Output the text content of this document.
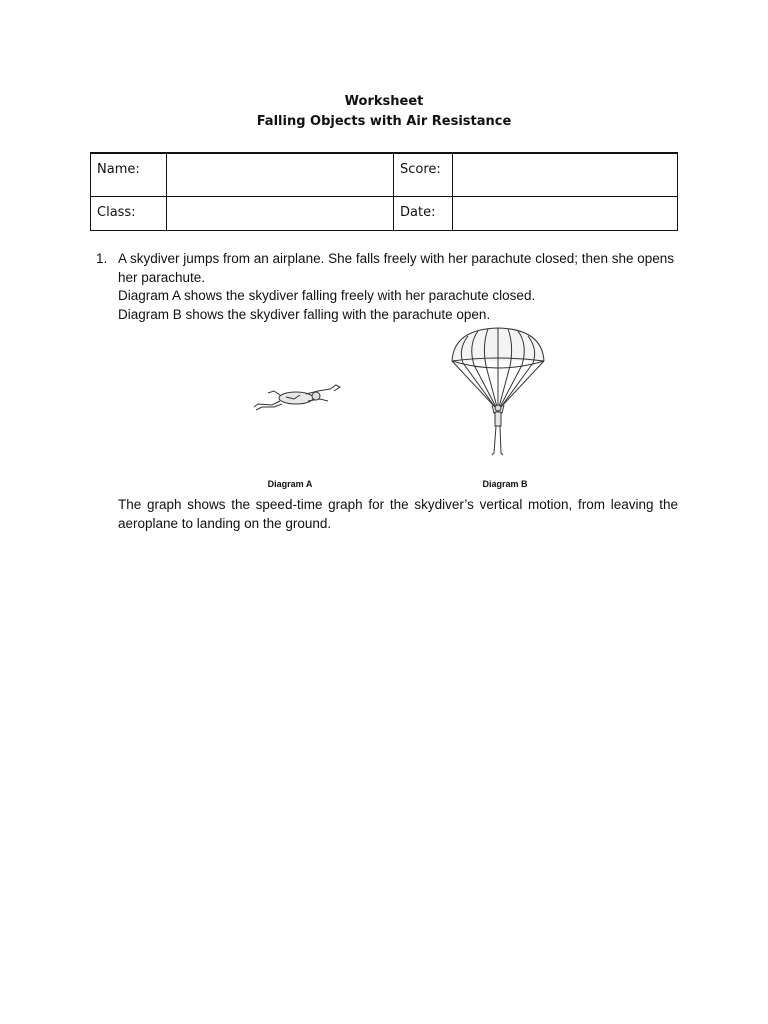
Worksheet
Falling Objects with Air Resistance
Name:		Score:	
Class:		Date:	
1. A skydiver jumps from an airplane. She falls freely with her parachute closed; then she opens her parachute.

Diagram A shows the skydiver falling freely with her parachute closed.

Diagram B shows the skydiver falling with the parachute open.

Diagram A	Diagram B
The graph shows the speed-time graph for the skydiver’s vertical motion, from leaving the aeroplane to landing on the ground.
